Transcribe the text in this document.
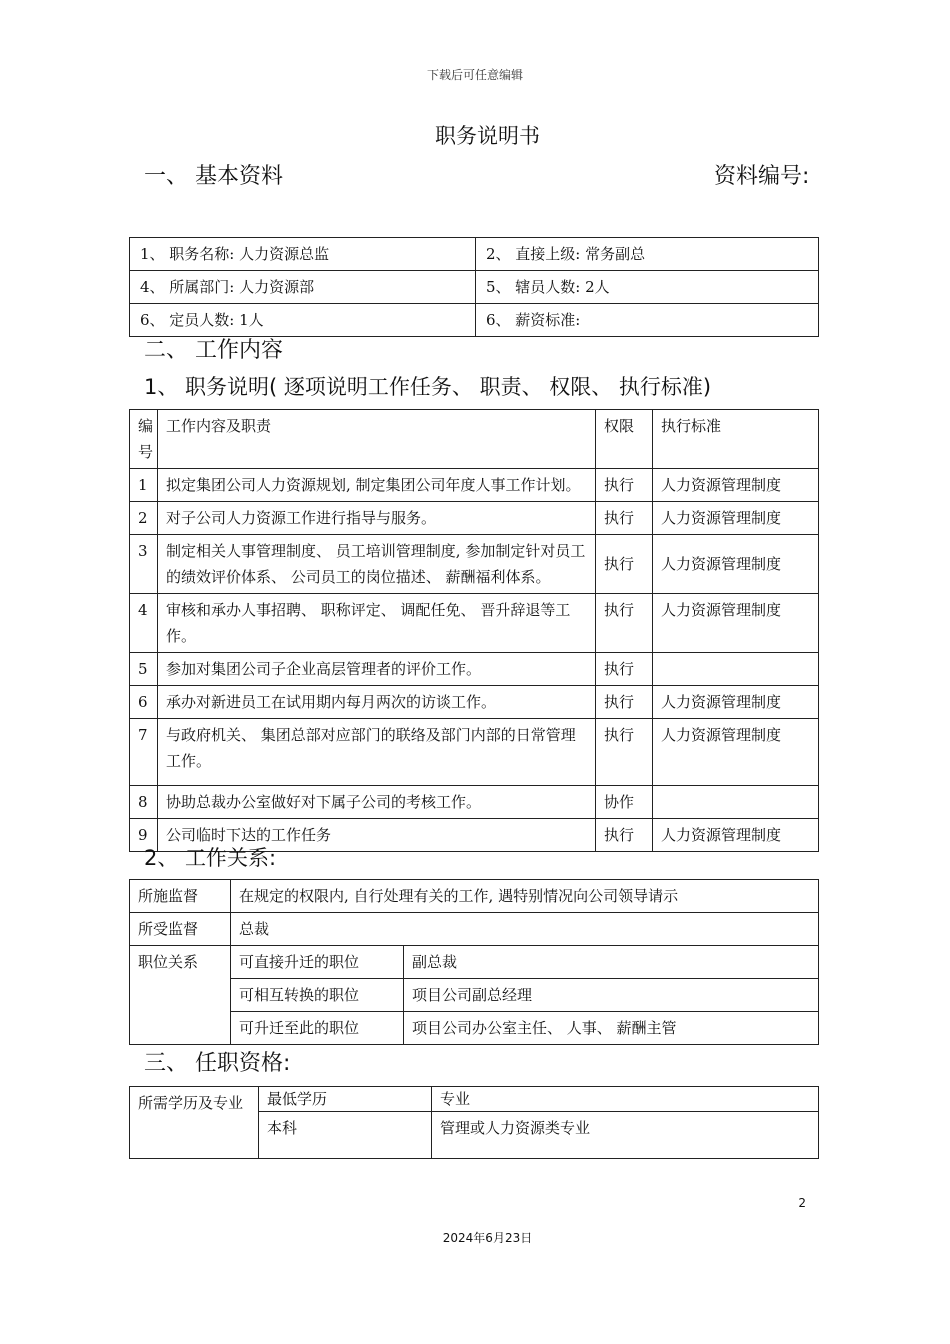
下载后可任意编辑
职务说明书
一、 基本资料	资料编号:
1、 职务名称: 人力资源总监	2、 直接上级: 常务副总
4、 所属部门: 人力资源部	5、 辖员人数: 2人
6、 定员人数: 1人	6、 薪资标准:
二、 工作内容
1、 职务说明( 逐项说明工作任务、 职责、 权限、 执行标准)
编号	工作内容及职责	权限	执行标准
1	拟定集团公司人力资源规划, 制定集团公司年度人事工作计划。	执行	人力资源管理制度
2	对子公司人力资源工作进行指导与服务。	执行	人力资源管理制度
3	制定相关人事管理制度、 员工培训管理制度, 参加制定针对员工的绩效评价体系、 公司员工的岗位描述、 薪酬福利体系。	执行	人力资源管理制度
4	审核和承办人事招聘、 职称评定、 调配任免、 晋升辞退等工作。	执行	人力资源管理制度
5	参加对集团公司子企业高层管理者的评价工作。	执行	
6	承办对新进员工在试用期内每月两次的访谈工作。	执行	人力资源管理制度
7	与政府机关、 集团总部对应部门的联络及部门内部的日常管理工作。	执行	人力资源管理制度
8	协助总裁办公室做好对下属子公司的考核工作。	协作	
9	公司临时下达的工作任务	执行	人力资源管理制度
2、 工作关系:
所施监督	在规定的权限内, 自行处理有关的工作, 遇特别情况向公司领导请示	
所受监督	总裁	
职位关系	可直接升迁的职位	副总裁
	可相互转换的职位	项目公司副总经理
	可升迁至此的职位	项目公司办公室主任、 人事、 薪酬主管
三、 任职资格:
所需学历及专业	最低学历	专业
	本科	管理或人力资源类专业
2
2024年6月23日
